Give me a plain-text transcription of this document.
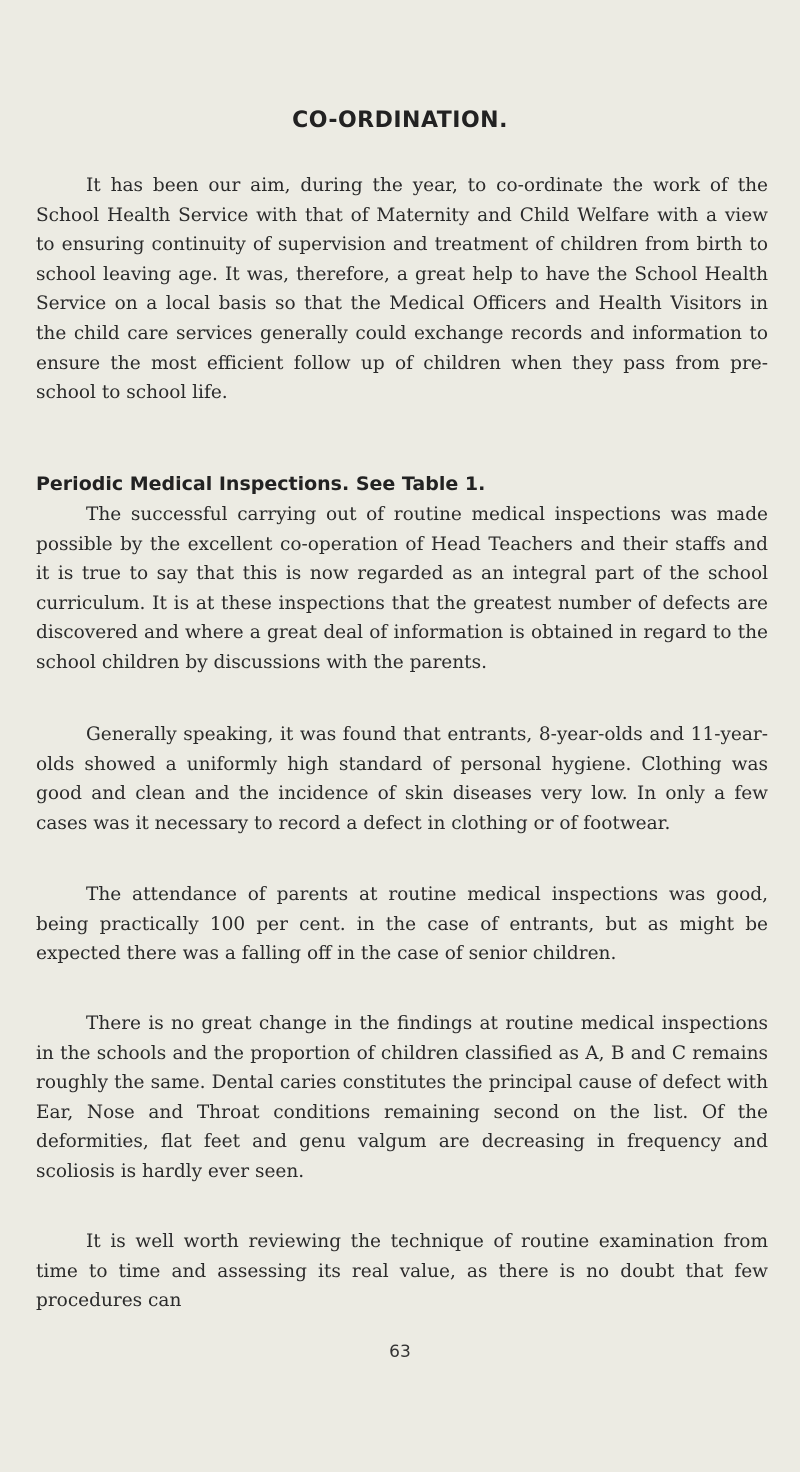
CO-ORDINATION.

It has been our aim, during the year, to co-ordinate the work of the School Health Service with that of Maternity and Child Welfare with a view to ensuring continuity of supervision and treatment of children from birth to school leaving age. It was, therefore, a great help to have the School Health Service on a local basis so that the Medical Officers and Health Visitors in the child care services generally could exchange records and information to ensure the most efficient follow up of children when they pass from pre-school to school life.

Periodic Medical Inspections. See Table 1.

The successful carrying out of routine medical inspections was made possible by the excellent co-operation of Head Teachers and their staffs and it is true to say that this is now regarded as an integral part of the school curriculum. It is at these inspections that the greatest number of defects are discovered and where a great deal of information is obtained in regard to the school children by discussions with the parents.

Generally speaking, it was found that entrants, 8-year-olds and 11-year-olds showed a uniformly high standard of personal hygiene. Clothing was good and clean and the incidence of skin diseases very low. In only a few cases was it necessary to record a defect in clothing or of footwear.

The attendance of parents at routine medical inspections was good, being practically 100 per cent. in the case of entrants, but as might be expected there was a falling off in the case of senior children.

There is no great change in the findings at routine medical inspections in the schools and the proportion of children classified as A, B and C remains roughly the same. Dental caries constitutes the principal cause of defect with Ear, Nose and Throat conditions remaining second on the list. Of the deformities, flat feet and genu valgum are decreasing in frequency and scoliosis is hardly ever seen.

It is well worth reviewing the technique of routine examination from time to time and assessing its real value, as there is no doubt that few procedures can

63
